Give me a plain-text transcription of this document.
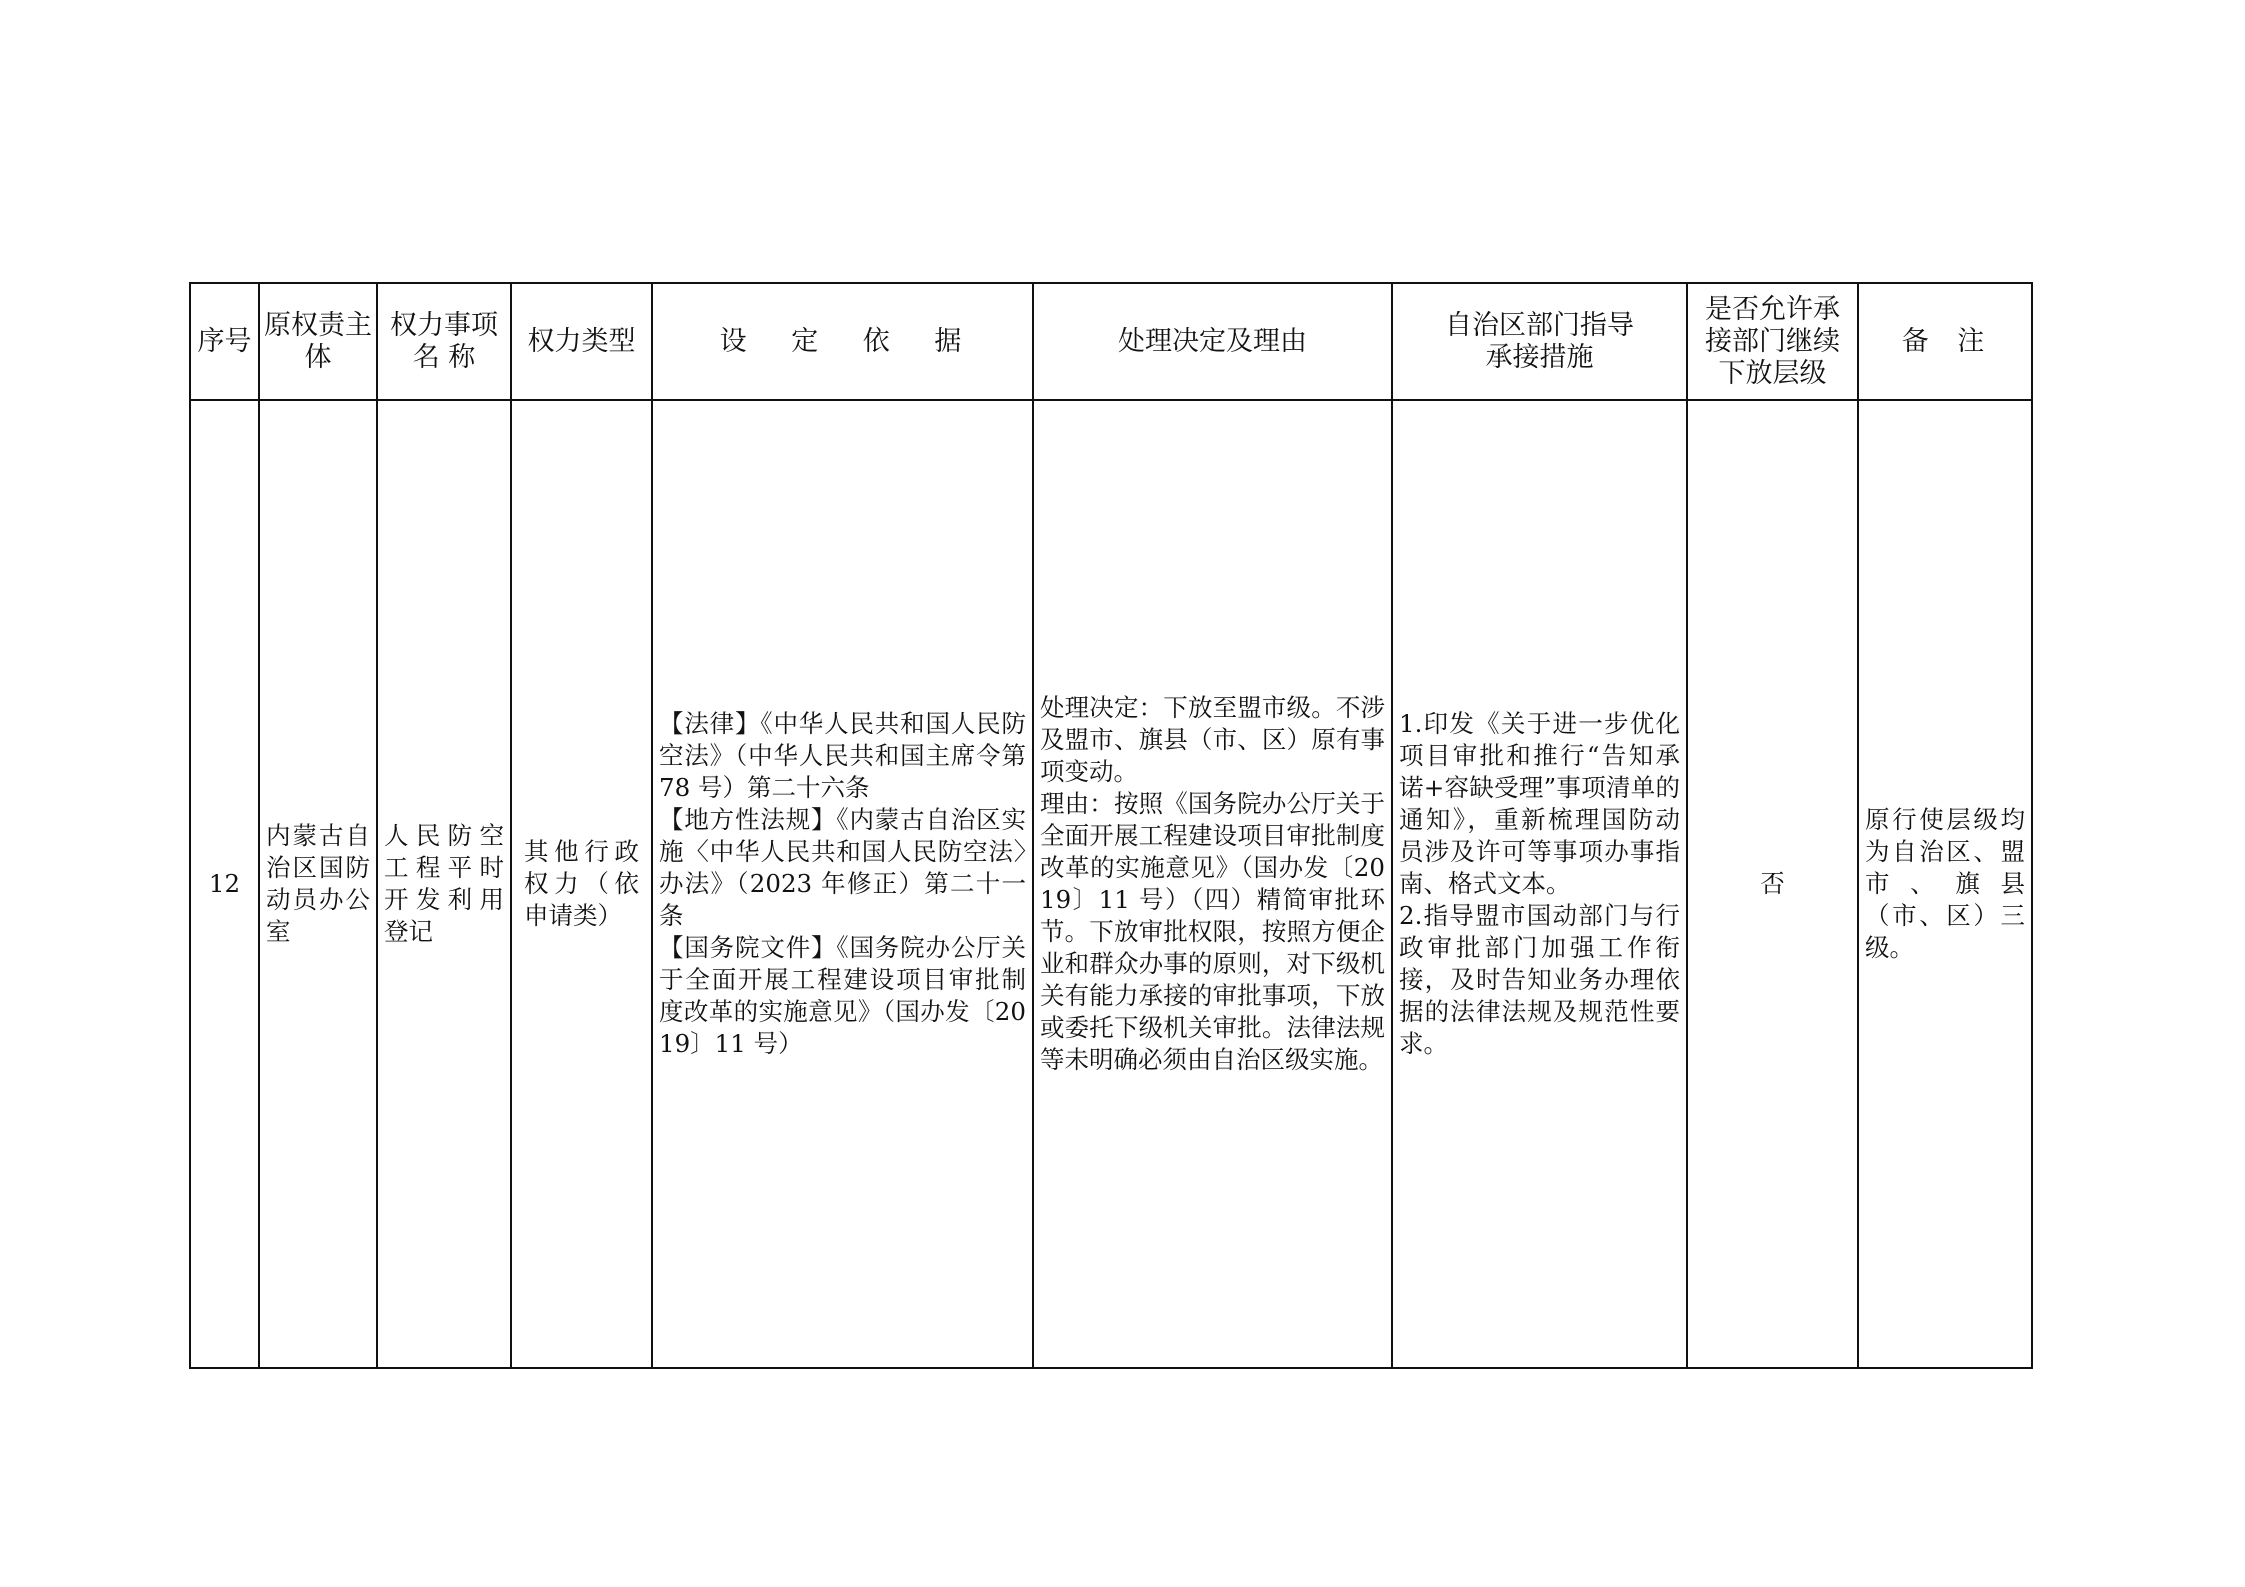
序号	原权责主 体	权力事项名 称	权力类型	设 定 依 据	处理决定及理由	自治区部门指导承接措施	是否允许承接部门继续下放层级	备 注

12	内蒙古自治区国防动员办公室	人民防空工程平时开发利用登记	其他行政权力（依申请类）	【法律】《中华人民共和国人民防空法》（中华人民共和国主席令第 78 号）第二十六条
【地方性法规】《内蒙古自治区实施〈中华人民共和国人民防空法〉办法》（2023 年修正）第二十一条
【国务院文件】《国务院办公厅关于全面开展工程建设项目审批制度改革的实施意见》（国办发〔2019〕11 号）	处理决定：下放至盟市级。不涉及盟市、旗县（市、区）原有事项变动。
理由：按照《国务院办公厅关于全面开展工程建设项目审批制度改革的实施意见》（国办发〔2019〕11 号）（四）精简审批环节。下放审批权限，按照方便企业和群众办事的原则，对下级机关有能力承接的审批事项，下放或委托下级机关审批。法律法规等未明确必须由自治区级实施。	1.印发《关于进一步优化项目审批和推行“告知承诺+容缺受理”事项清单的通知》，重新梳理国防动员涉及许可等事项办事指南、格式文本。
2.指导盟市国动部门与行政审批部门加强工作衔接，及时告知业务办理依据的法律法规及规范性要求。	否	原行使层级均为自治区、盟市、旗县（市、区）三级。
